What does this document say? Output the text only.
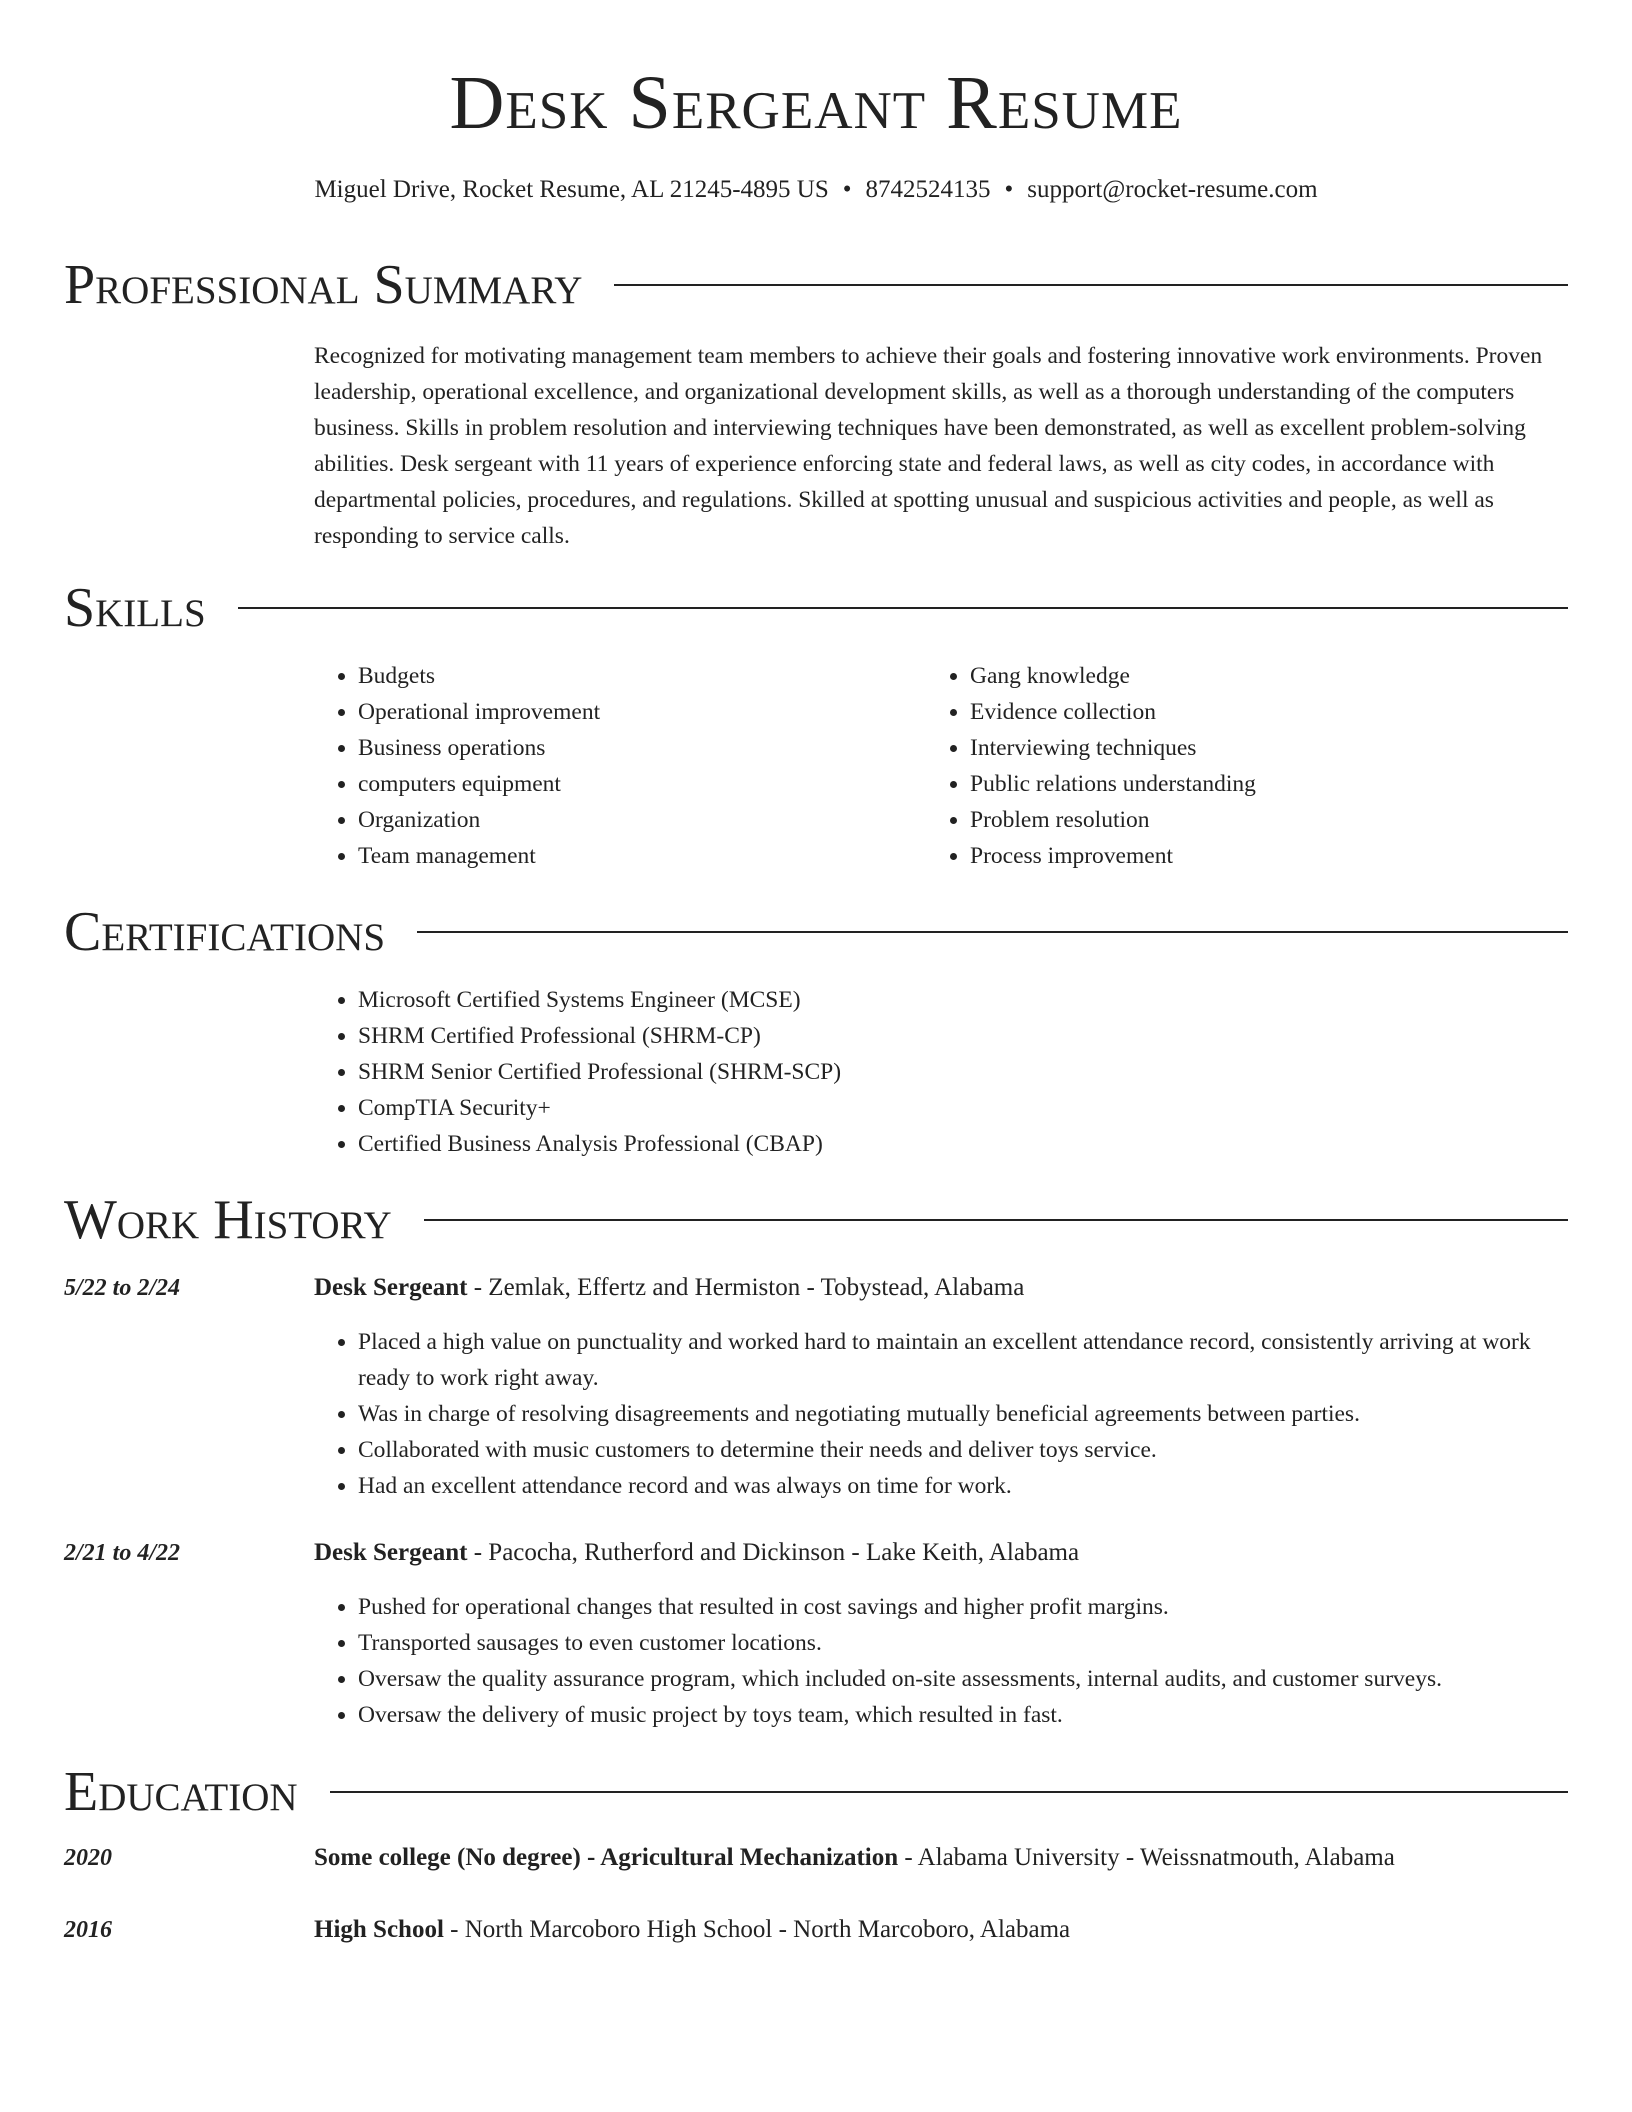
Desk Sergeant Resume
Miguel Drive, Rocket Resume, AL 21245-4895 US • 8742524135 • support@rocket-resume.com
Professional Summary

Recognized for motivating management team members to achieve their goals and fostering innovative work environments. Proven leadership, operational excellence, and organizational development skills, as well as a thorough understanding of the computers business. Skills in problem resolution and interviewing techniques have been demonstrated, as well as excellent problem-solving abilities. Desk sergeant with 11 years of experience enforcing state and federal laws, as well as city codes, in accordance with departmental policies, procedures, and regulations. Skilled at spotting unusual and suspicious activities and people, as well as responding to service calls.

Skills
• Budgets
• Operational improvement
• Business operations
• computers equipment
• Organization
• Team management
• Gang knowledge
• Evidence collection
• Interviewing techniques
• Public relations understanding
• Problem resolution
• Process improvement
Certifications
• Microsoft Certified Systems Engineer (MCSE)
• SHRM Certified Professional (SHRM-CP)
• SHRM Senior Certified Professional (SHRM-SCP)
• CompTIA Security+
• Certified Business Analysis Professional (CBAP)
Work History
5/22 to 2/24	Desk Sergeant - Zemlak, Effertz and Hermiston - Tobystead, Alabama
• Placed a high value on punctuality and worked hard to maintain an excellent attendance record, consistently arriving at work ready to work right away.
• Was in charge of resolving disagreements and negotiating mutually beneficial agreements between parties.
• Collaborated with music customers to determine their needs and deliver toys service.
• Had an excellent attendance record and was always on time for work.
2/21 to 4/22	Desk Sergeant - Pacocha, Rutherford and Dickinson - Lake Keith, Alabama
• Pushed for operational changes that resulted in cost savings and higher profit margins.
• Transported sausages to even customer locations.
• Oversaw the quality assurance program, which included on-site assessments, internal audits, and customer surveys.
• Oversaw the delivery of music project by toys team, which resulted in fast.
Education
2020	Some college (No degree) - Agricultural Mechanization - Alabama University - Weissnatmouth, Alabama
2016	High School - North Marcoboro High School - North Marcoboro, Alabama
